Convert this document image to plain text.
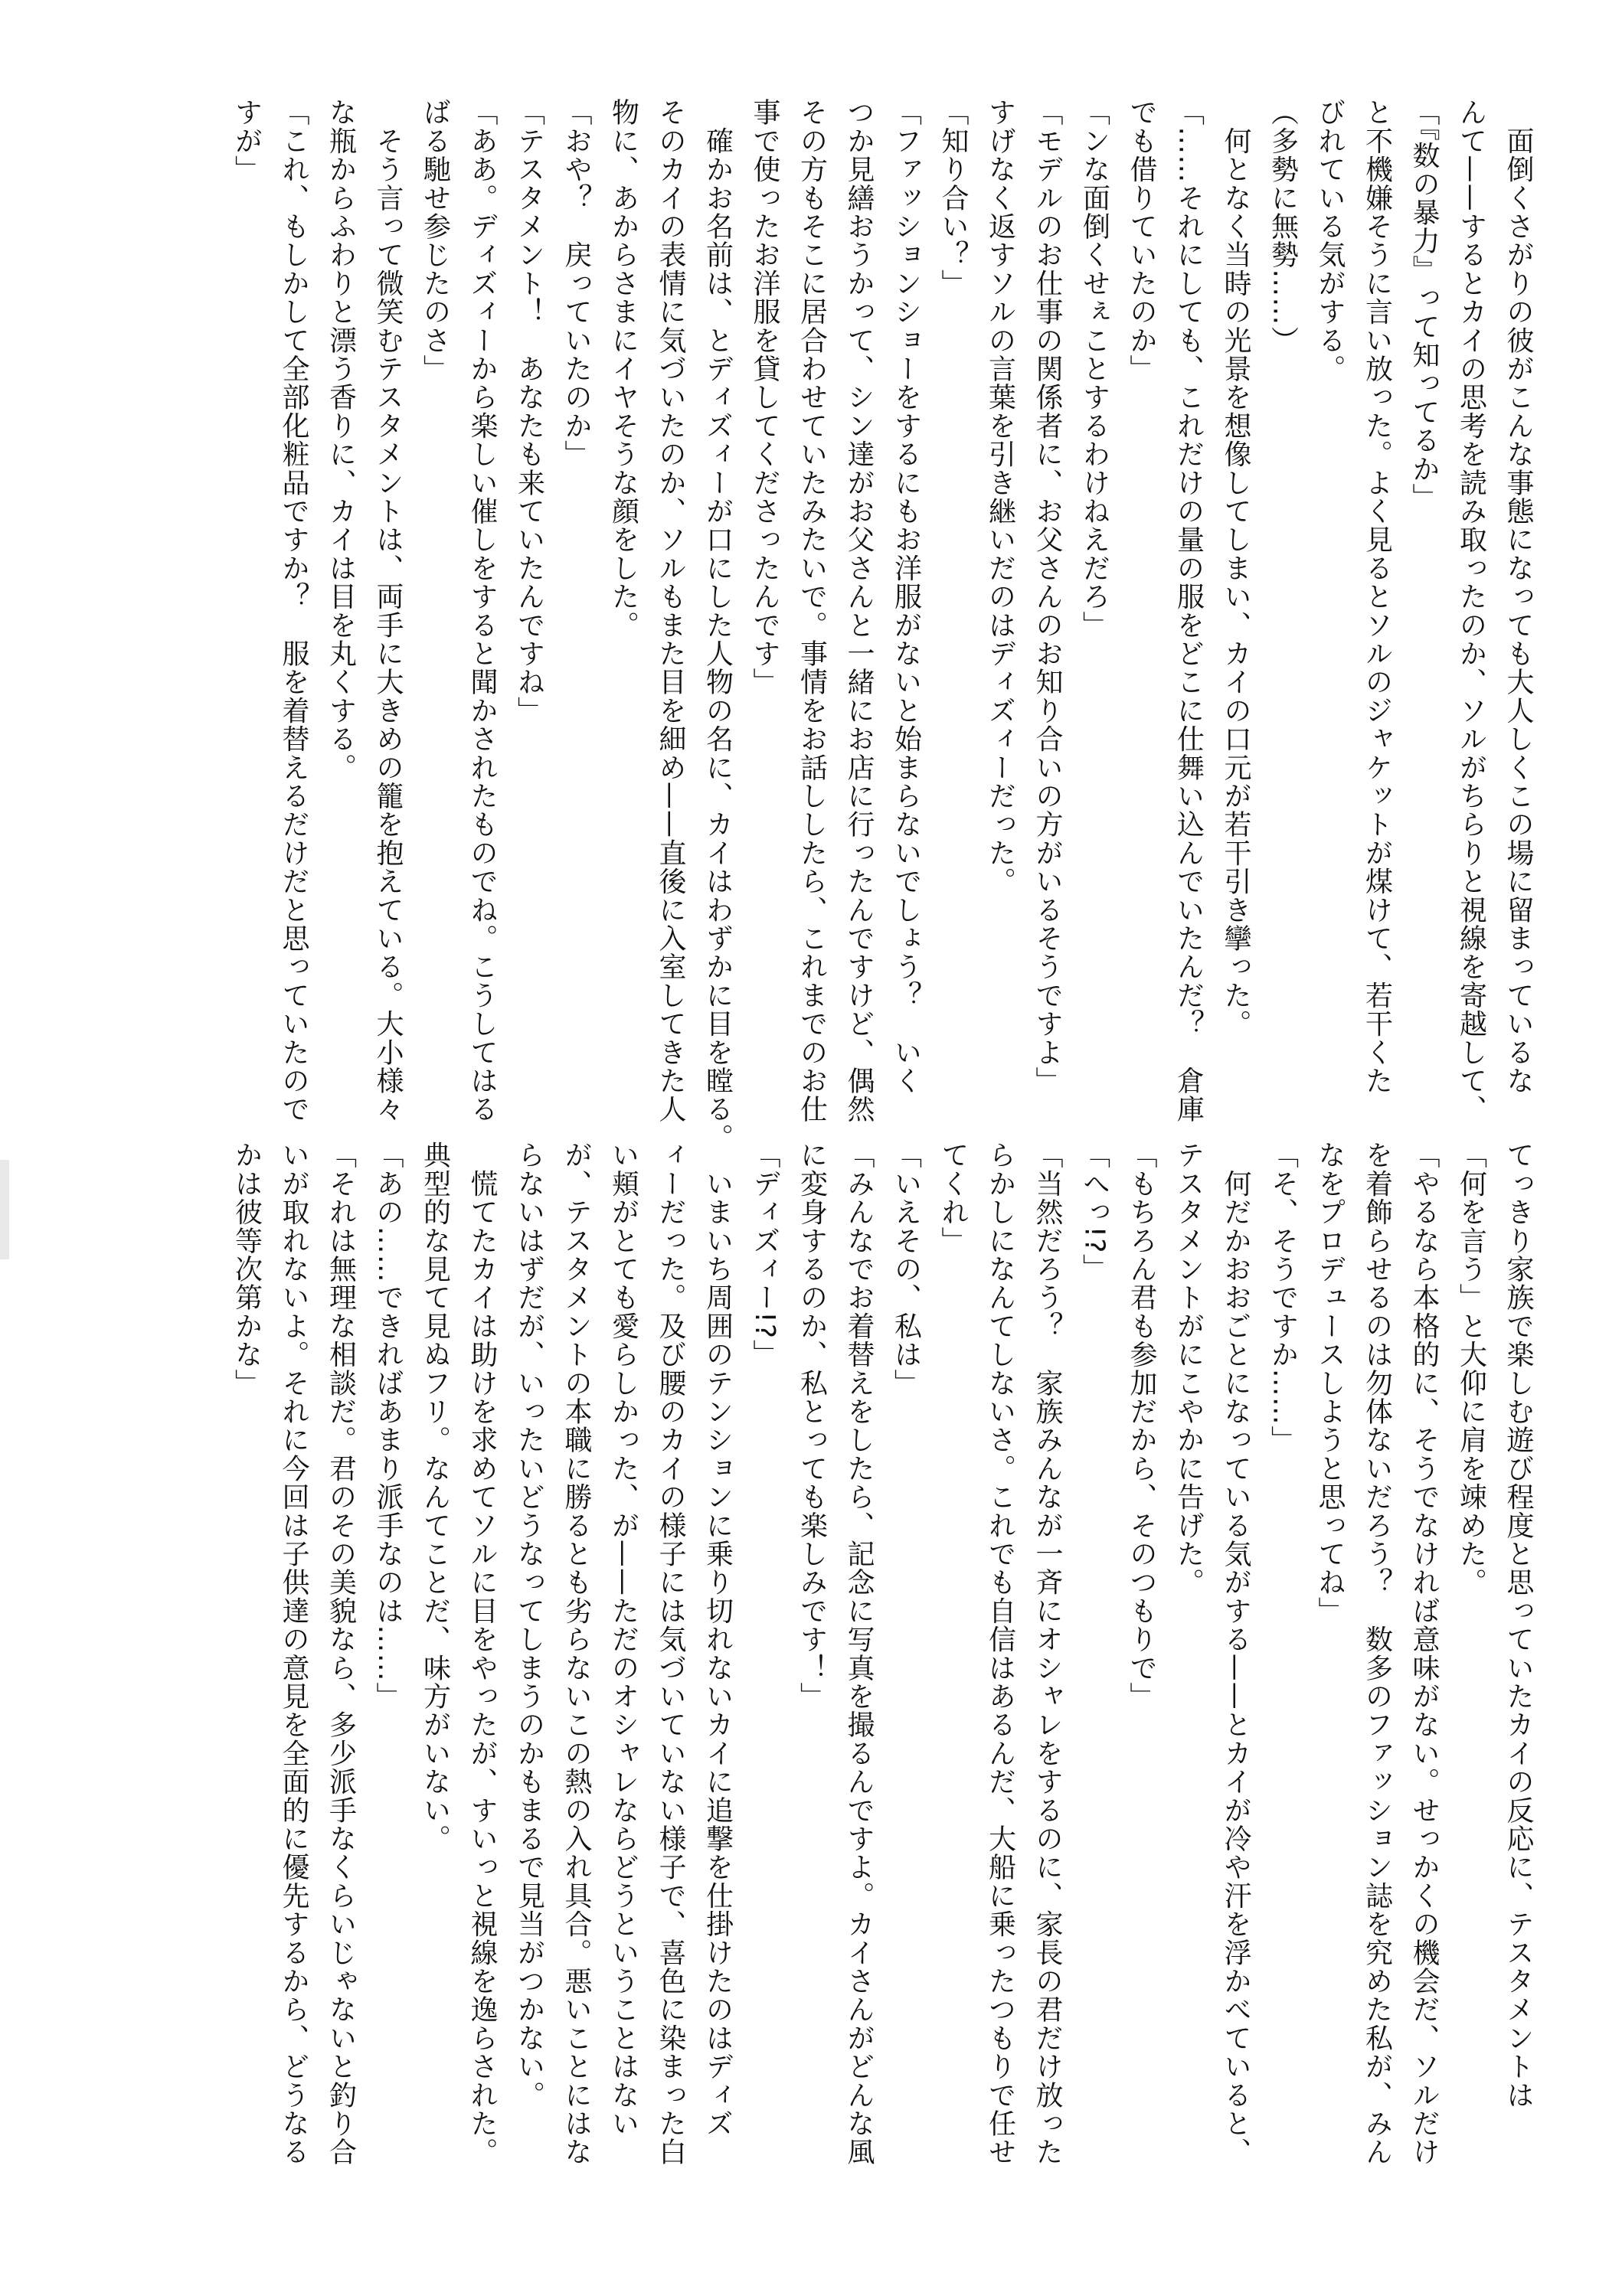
　面倒くさがりの彼がこんな事態になっても大人しくこの場に留まっているな
んて——するとカイの思考を読み取ったのか、ソルがちらりと視線を寄越して、
「『数の暴力』って知ってるか」
と不機嫌そうに言い放った。よく見るとソルのジャケットが煤けて、若干くた
びれている気がする。
（多勢に無勢……）
　何となく当時の光景を想像してしまい、カイの口元が若干引き攣った。
「……それにしても、これだけの量の服をどこに仕舞い込んでいたんだ？　倉庫
でも借りていたのか」
「ンな面倒くせぇことするわけねえだろ」
「モデルのお仕事の関係者に、お父さんのお知り合いの方がいるそうですよ」
すげなく返すソルの言葉を引き継いだのはディズィーだった。
「知り合い？」
「ファッションショーをするにもお洋服がないと始まらないでしょう？　いく
つか見繕おうかって、シン達がお父さんと一緒にお店に行ったんですけど、偶然
その方もそこに居合わせていたみたいで。事情をお話ししたら、これまでのお仕
事で使ったお洋服を貸してくださったんです」
　確かお名前は、とディズィーが口にした人物の名に、カイはわずかに目を瞠る。
そのカイの表情に気づいたのか、ソルもまた目を細め——直後に入室してきた人
物に、あからさまにイヤそうな顔をした。
「おや？　戻っていたのか」
「テスタメント！　あなたも来ていたんですね」
「ああ。ディズィーから楽しい催しをすると聞かされたものでね。こうしてはる
ばる馳せ参じたのさ」
　そう言って微笑むテスタメントは、両手に大きめの籠を抱えている。大小様々
な瓶からふわりと漂う香りに、カイは目を丸くする。
「これ、もしかして全部化粧品ですか？　服を着替えるだけだと思っていたので
すが」
てっきり家族で楽しむ遊び程度と思っていたカイの反応に、テスタメントは
「何を言う」と大仰に肩を竦めた。
「やるなら本格的に、そうでなければ意味がない。せっかくの機会だ、ソルだけ
を着飾らせるのは勿体ないだろう？　数多のファッション誌を究めた私が、みん
なをプロデュースしようと思ってね」
「そ、そうですか……」
　何だかおおごとになっている気がする——とカイが冷や汗を浮かべていると、
テスタメントがにこやかに告げた。
「もちろん君も参加だから、そのつもりで」
「へっ!?」
「当然だろう？　家族みんなが一斉にオシャレをするのに、家長の君だけ放った
らかしになんてしないさ。これでも自信はあるんだ、大船に乗ったつもりで任せ
てくれ」
「いえその、私は」
「みんなでお着替えをしたら、記念に写真を撮るんですよ。カイさんがどんな風
に変身するのか、私とっても楽しみです！」
「ディズィー!?」
　いまいち周囲のテンションに乗り切れないカイに追撃を仕掛けたのはディズ
ィーだった。及び腰のカイの様子には気づいていない様子で、喜色に染まった白
い頬がとても愛らしかった、が——ただのオシャレならどうということはない
が、テスタメントの本職に勝るとも劣らないこの熱の入れ具合。悪いことにはな
らないはずだが、いったいどうなってしまうのかもまるで見当がつかない。
　慌てたカイは助けを求めてソルに目をやったが、すいっと視線を逸らされた。
典型的な見て見ぬフリ。なんてことだ、味方がいない。
「あの……できればあまり派手なのは……」
「それは無理な相談だ。君のその美貌なら、多少派手なくらいじゃないと釣り合
いが取れないよ。それに今回は子供達の意見を全面的に優先するから、どうなる
かは彼等次第かな」
